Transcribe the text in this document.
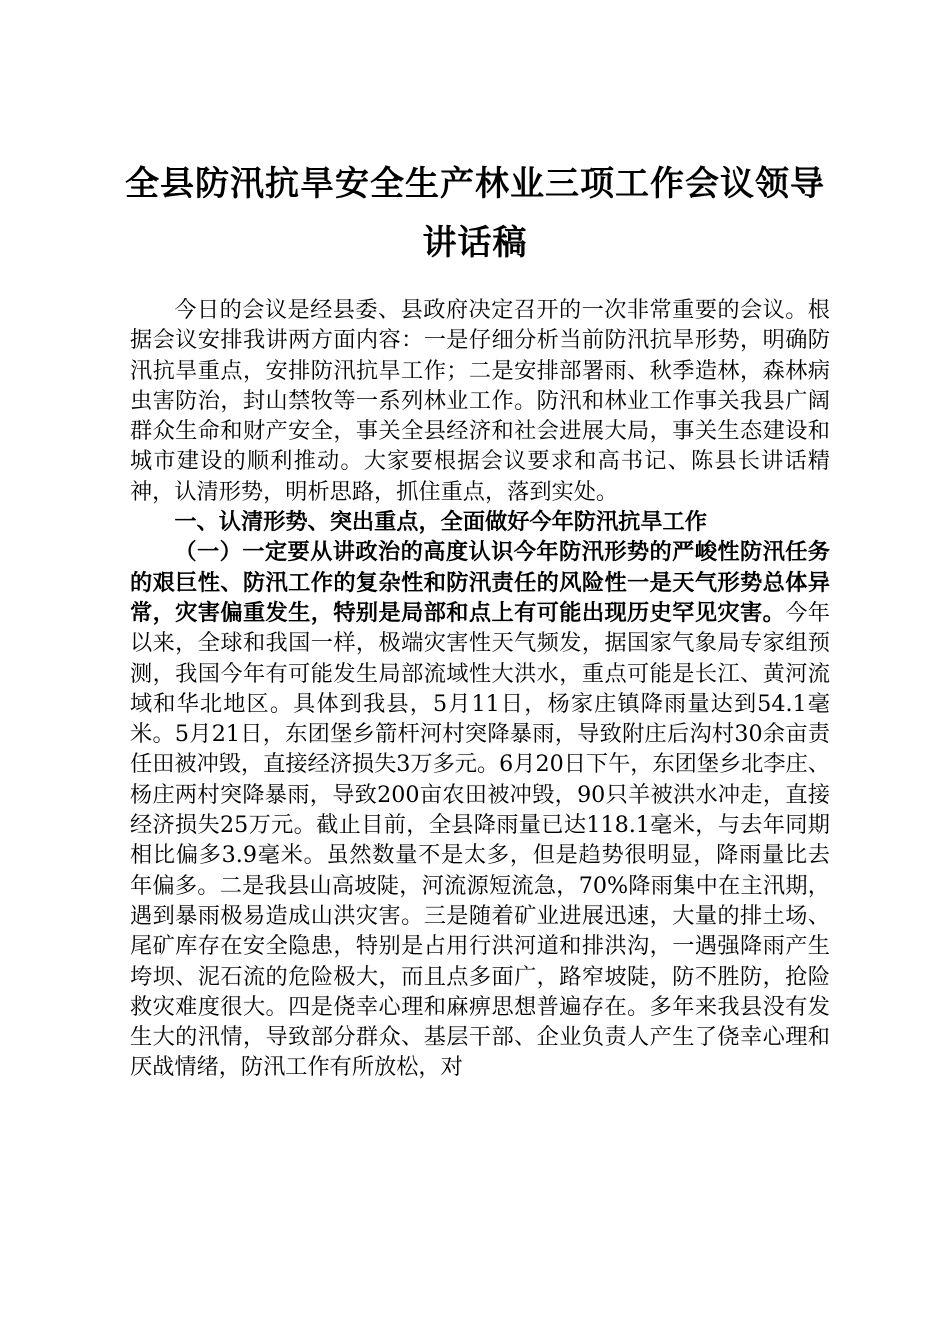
全县防汛抗旱安全生产林业三项工作会议领导
讲话稿

今日的会议是经县委、县政府决定召开的一次非常重要的会议。根据会议安排我讲两方面内容：一是仔细分析当前防汛抗旱形势，明确防汛抗旱重点，安排防汛抗旱工作；二是安排部署雨、秋季造林，森林病虫害防治，封山禁牧等一系列林业工作。防汛和林业工作事关我县广阔群众生命和财产安全，事关全县经济和社会进展大局，事关生态建设和城市建设的顺利推动。大家要根据会议要求和高书记、陈县长讲话精神，认清形势，明析思路，抓住重点，落到实处。

一、认清形势、突出重点，全面做好今年防汛抗旱工作

（一）一定要从讲政治的高度认识今年防汛形势的严峻性防汛任务的艰巨性、防汛工作的复杂性和防汛责任的风险性一是天气形势总体异常，灾害偏重发生，特别是局部和点上有可能出现历史罕见灾害。今年以来，全球和我国一样，极端灾害性天气频发，据国家气象局专家组预测，我国今年有可能发生局部流域性大洪水，重点可能是长江、黄河流域和华北地区。具体到我县，5月11日，杨家庄镇降雨量达到54.1毫米。5月21日，东团堡乡箭杆河村突降暴雨，导致附庄后沟村30余亩责任田被冲毁，直接经济损失3万多元。6月20日下午，东团堡乡北李庄、杨庄两村突降暴雨，导致200亩农田被冲毁，90只羊被洪水冲走，直接经济损失25万元。截止目前，全县降雨量已达118.1毫米，与去年同期相比偏多3.9毫米。虽然数量不是太多，但是趋势很明显，降雨量比去年偏多。二是我县山高坡陡，河流源短流急，70%降雨集中在主汛期，遇到暴雨极易造成山洪灾害。三是随着矿业进展迅速，大量的排土场、尾矿库存在安全隐患，特别是占用行洪河道和排洪沟，一遇强降雨产生垮坝、泥石流的危险极大，而且点多面广，路窄坡陡，防不胜防，抢险救灾难度很大。四是侥幸心理和麻痹思想普遍存在。多年来我县没有发生大的汛情，导致部分群众、基层干部、企业负责人产生了侥幸心理和厌战情绪，防汛工作有所放松，对
